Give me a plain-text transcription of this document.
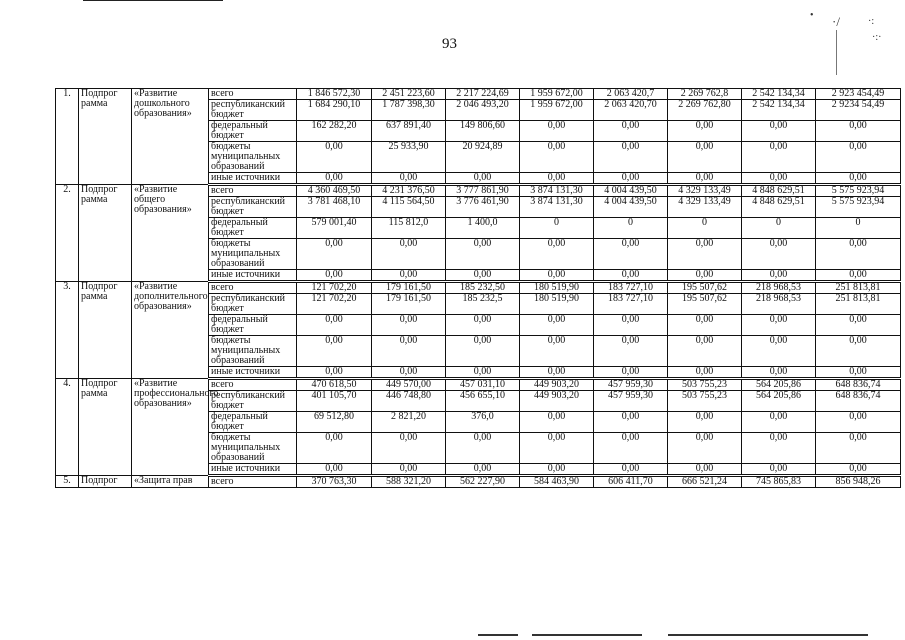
93
• ·/	·:
·:·
1.	Подпрог рамма	«Развитие дошкольного образования»	всего	1 846 572,30	2 451 223,60	2 217 224,69	1 959 672,00	2 063 420,7	2 269 762,8	2 542 134,34	2 923 454,49
			республиканский бюджет	1 684 290,10	1 787 398,30	2 046 493,20	1 959 672,00	2 063 420,70	2 269 762,80	2 542 134,34	2 9234 54,49
			федеральный бюджет	162 282,20	637 891,40	149 806,60	0,00	0,00	0,00	0,00	0,00
			бюджеты муниципальных образований	0,00	25 933,90	20 924,89	0,00	0,00	0,00	0,00	0,00
			иные источники	0,00	0,00	0,00	0,00	0,00	0,00	0,00	0,00
2.	Подпрог рамма	«Развитие общего образования»	всего	4 360 469,50	4 231 376,50	3 777 861,90	3 874 131,30	4 004 439,50	4 329 133,49	4 848 629,51	5 575 923,94
			республиканский бюджет	3 781 468,10	4 115 564,50	3 776 461,90	3 874 131,30	4 004 439,50	4 329 133,49	4 848 629,51	5 575 923,94
			федеральный бюджет	579 001,40	115 812,0	1 400,0	0	0	0	0	0
			бюджеты муниципальных образований	0,00	0,00	0,00	0,00	0,00	0,00	0,00	0,00
			иные источники	0,00	0,00	0,00	0,00	0,00	0,00	0,00	0,00
3.	Подпрог рамма	«Развитие дополнительного образования»	всего	121 702,20	179 161,50	185 232,50	180 519,90	183 727,10	195 507,62	218 968,53	251 813,81
			республиканский бюджет	121 702,20	179 161,50	185 232,5	180 519,90	183 727,10	195 507,62	218 968,53	251 813,81
			федеральный бюджет	0,00	0,00	0,00	0,00	0,00	0,00	0,00	0,00
			бюджеты муниципальных образований	0,00	0,00	0,00	0,00	0,00	0,00	0,00	0,00
			иные источники	0,00	0,00	0,00	0,00	0,00	0,00	0,00	0,00
4.	Подпрог рамма	«Развитие профессионального образования»	всего	470 618,50	449 570,00	457 031,10	449 903,20	457 959,30	503 755,23	564 205,86	648 836,74
			республиканский бюджет	401 105,70	446 748,80	456 655,10	449 903,20	457 959,30	503 755,23	564 205,86	648 836,74
			федеральный бюджет	69 512,80	2 821,20	376,0	0,00	0,00	0,00	0,00	0,00
			бюджеты муниципальных образований	0,00	0,00	0,00	0,00	0,00	0,00	0,00	0,00
			иные источники	0,00	0,00	0,00	0,00	0,00	0,00	0,00	0,00
5.	Подпрог	«Защита прав	всего	370 763,30	588 321,20	562 227,90	584 463,90	606 411,70	666 521,24	745 865,83	856 948,26
